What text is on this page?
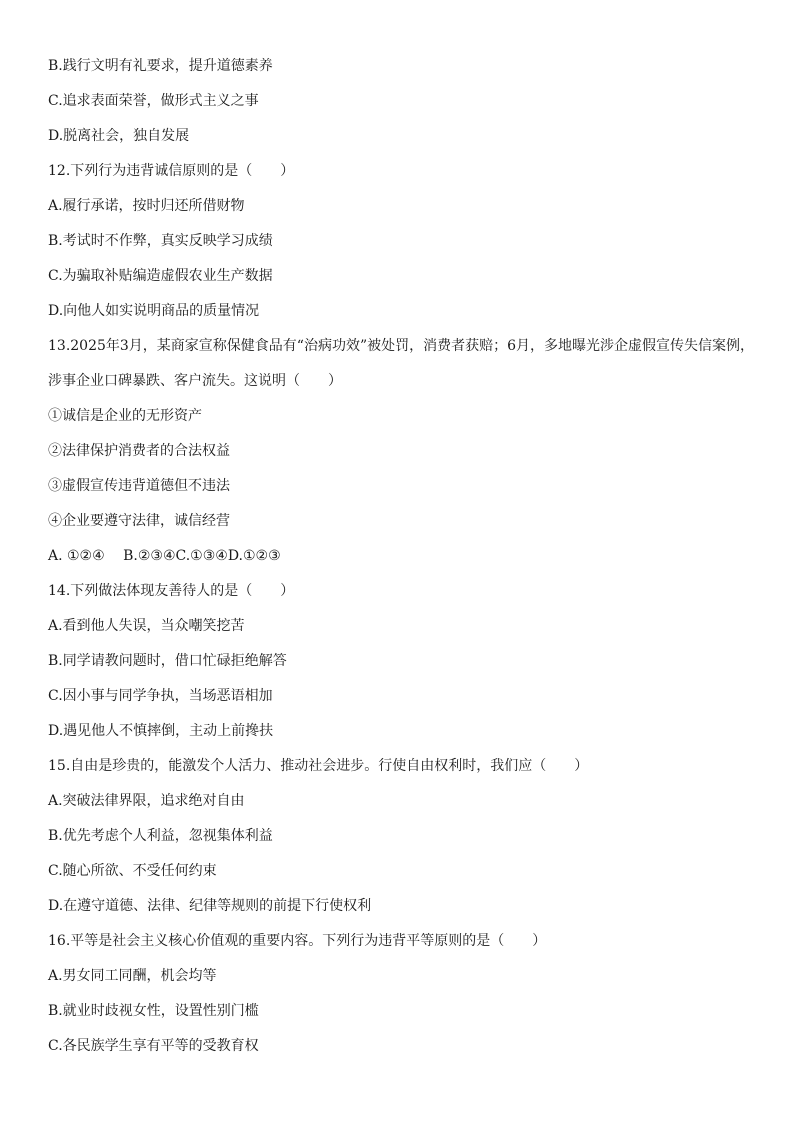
B.践行文明有礼要求，提升道德素养
C.追求表面荣誉，做形式主义之事
D.脱离社会，独自发展
12.下列行为违背诚信原则的是（　　）
A.履行承诺，按时归还所借财物
B.考试时不作弊，真实反映学习成绩
C.为骗取补贴编造虚假农业生产数据
D.向他人如实说明商品的质量情况
13.2025年3月，某商家宣称保健食品有“治病功效”被处罚，消费者获赔；6月，多地曝光涉企虚假宣传失信案例，
涉事企业口碑暴跌、客户流失。这说明（　　）
①诚信是企业的无形资产
②法律保护消费者的合法权益
③虚假宣传违背道德但不违法
④企业要遵守法律，诚信经营
A. ①②④　 B.②③④C.①③④D.①②③
14.下列做法体现友善待人的是（　　）
A.看到他人失误，当众嘲笑挖苦
B.同学请教问题时，借口忙碌拒绝解答
C.因小事与同学争执，当场恶语相加
D.遇见他人不慎摔倒，主动上前搀扶
15.自由是珍贵的，能激发个人活力、推动社会进步。行使自由权利时，我们应（　　）
A.突破法律界限，追求绝对自由
B.优先考虑个人利益，忽视集体利益
C.随心所欲、不受任何约束
D.在遵守道德、法律、纪律等规则的前提下行使权利
16.平等是社会主义核心价值观的重要内容。下列行为违背平等原则的是（　　）
A.男女同工同酬，机会均等
B.就业时歧视女性，设置性别门槛
C.各民族学生享有平等的受教育权
